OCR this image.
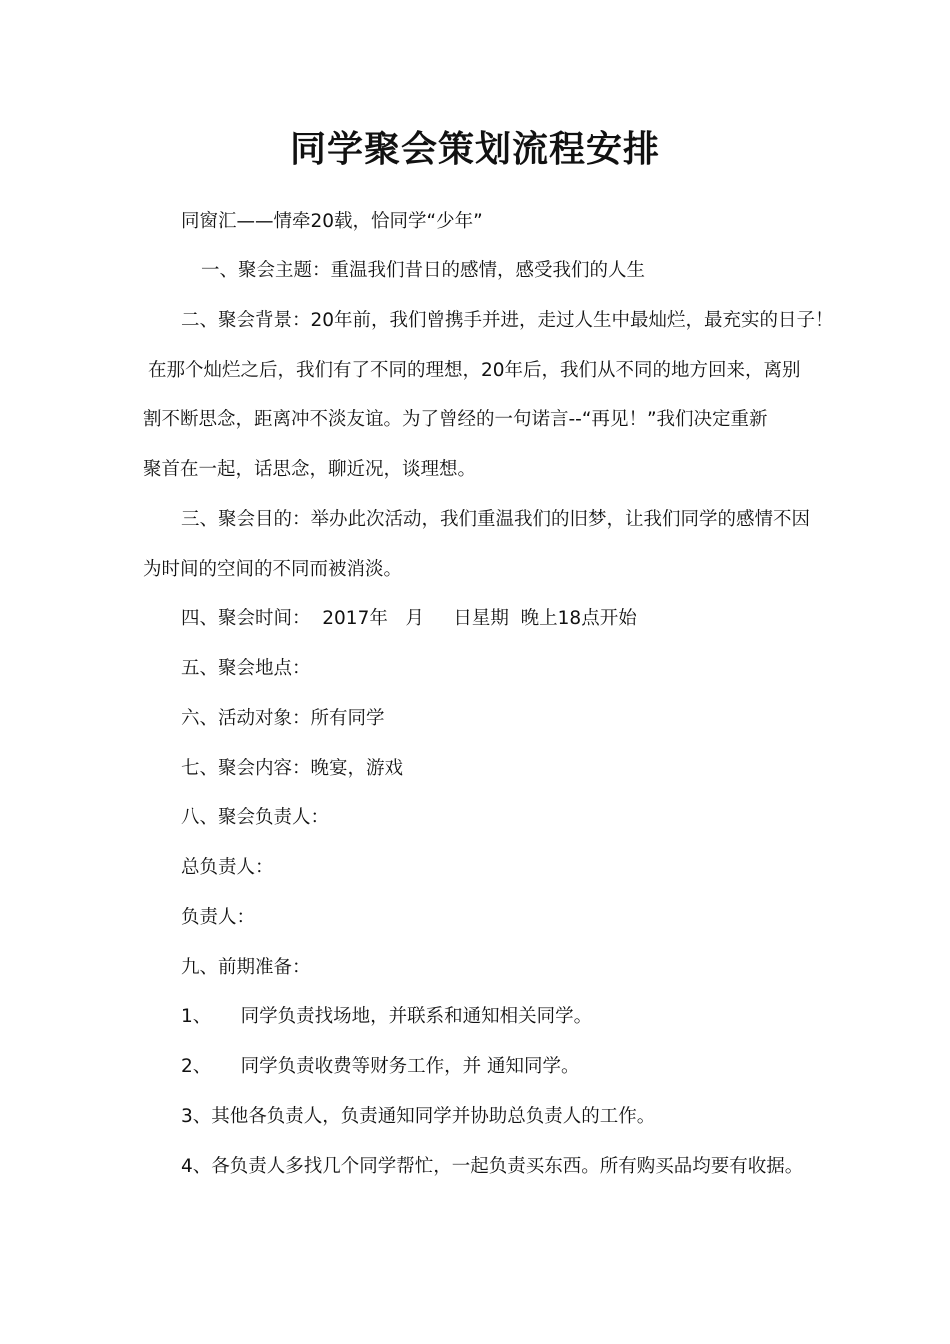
同学聚会策划流程安排

同窗汇——情牵20载，恰同学“少年”

一、聚会主题：重温我们昔日的感情，感受我们的人生

二、聚会背景：20年前，我们曾携手并进，走过人生中最灿烂，最充实的日子！

在那个灿烂之后，我们有了不同的理想，20年后，我们从不同的地方回来，离别

割不断思念，距离冲不淡友谊。为了曾经的一句诺言--“再见！”我们决定重新

聚首在一起，话思念，聊近况，谈理想。

三、聚会目的：举办此次活动，我们重温我们的旧梦，让我们同学的感情不因

为时间的空间的不同而被消淡。

四、聚会时间：  2017年   月     日星期  晚上18点开始

五、聚会地点：

六、活动对象：所有同学

七、聚会内容：晚宴，游戏

八、聚会负责人：

总负责人：

负责人：

九、前期准备：

1、     同学负责找场地，并联系和通知相关同学。

2、     同学负责收费等财务工作，并 通知同学。

3、其他各负责人，负责通知同学并协助总负责人的工作。

4、各负责人多找几个同学帮忙，一起负责买东西。所有购买品均要有收据。
